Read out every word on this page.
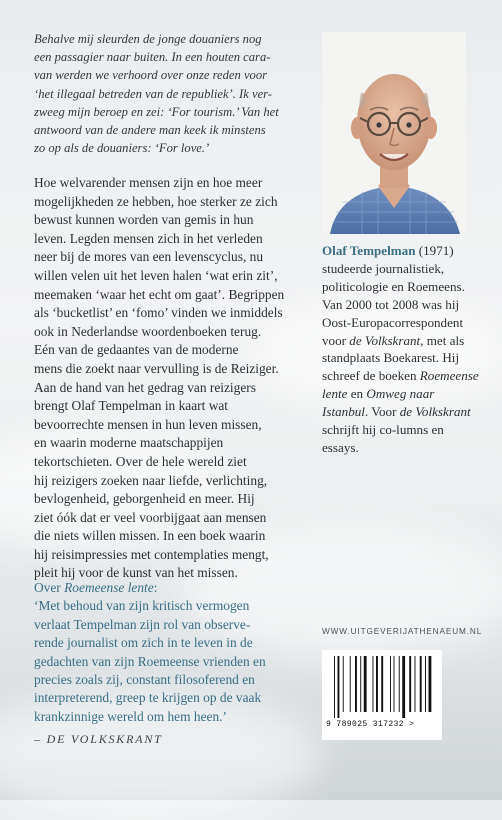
Behalve mij sleurden de jonge douaniers nog
een passagier naar buiten. In een houten cara-
van werden we verhoord over onze reden voor
‘het illegaal betreden van de republiek’. Ik ver-
zweeg mijn beroep en zei: ‘For tourism.’ Van het
antwoord van de andere man keek ik minstens
zo op als de douaniers: ‘For love.’

Hoe welvarender mensen zijn en hoe meer
mogelijkheden ze hebben, hoe sterker ze zich
bewust kunnen worden van gemis in hun
leven. Legden mensen zich in het verleden
neer bij de mores van een levenscyclus, nu
willen velen uit het leven halen ‘wat erin zit’,
meemaken ‘waar het echt om gaat’. Begrippen
als ‘bucketlist’ en ‘fomo’ vinden we inmiddels
ook in Nederlandse woordenboeken terug.

Eén van de gedaantes van de moderne
mens die zoekt naar vervulling is de Reiziger.
Aan de hand van het gedrag van reizigers
brengt Olaf Tempelman in kaart wat
bevoorrechte mensen in hun leven missen,
en waarin moderne maatschappijen
tekortschieten. Over de hele wereld ziet
hij reizigers zoeken naar liefde, verlichting,
bevlogenheid, geborgenheid en meer. Hij
ziet óók dat er veel voorbijgaat aan mensen
die niets willen missen. In een boek waarin
hij reisimpressies met contemplaties mengt,
pleit hij voor de kunst van het missen.

Over Roemeense lente:

‘Met behoud van zijn kritisch vermogen
verlaat Tempelman zijn rol van observe-
rende journalist om zich in te leven in de
gedachten van zijn Roemeense vrienden en
precies zoals zij, constant filosoferend en
interpreterend, greep te krijgen op de vaak
krankzinnige wereld om hem heen.’

– DE VOLKSKRANT

Olaf Tempelman (1971) studeerde journalistiek, politicologie en Roemeens. Van 2000 tot 2008 was hij Oost-Europacorrespondent voor de Volkskrant, met als standplaats Boekarest. Hij schreef de boeken Roemeense lente en Omweg naar Istanbul. Voor de Volkskrant schrijft hij co-lumns en essays.

WWW.UITGEVERIJATHENAEUM.NL
9 789025 317232 >
